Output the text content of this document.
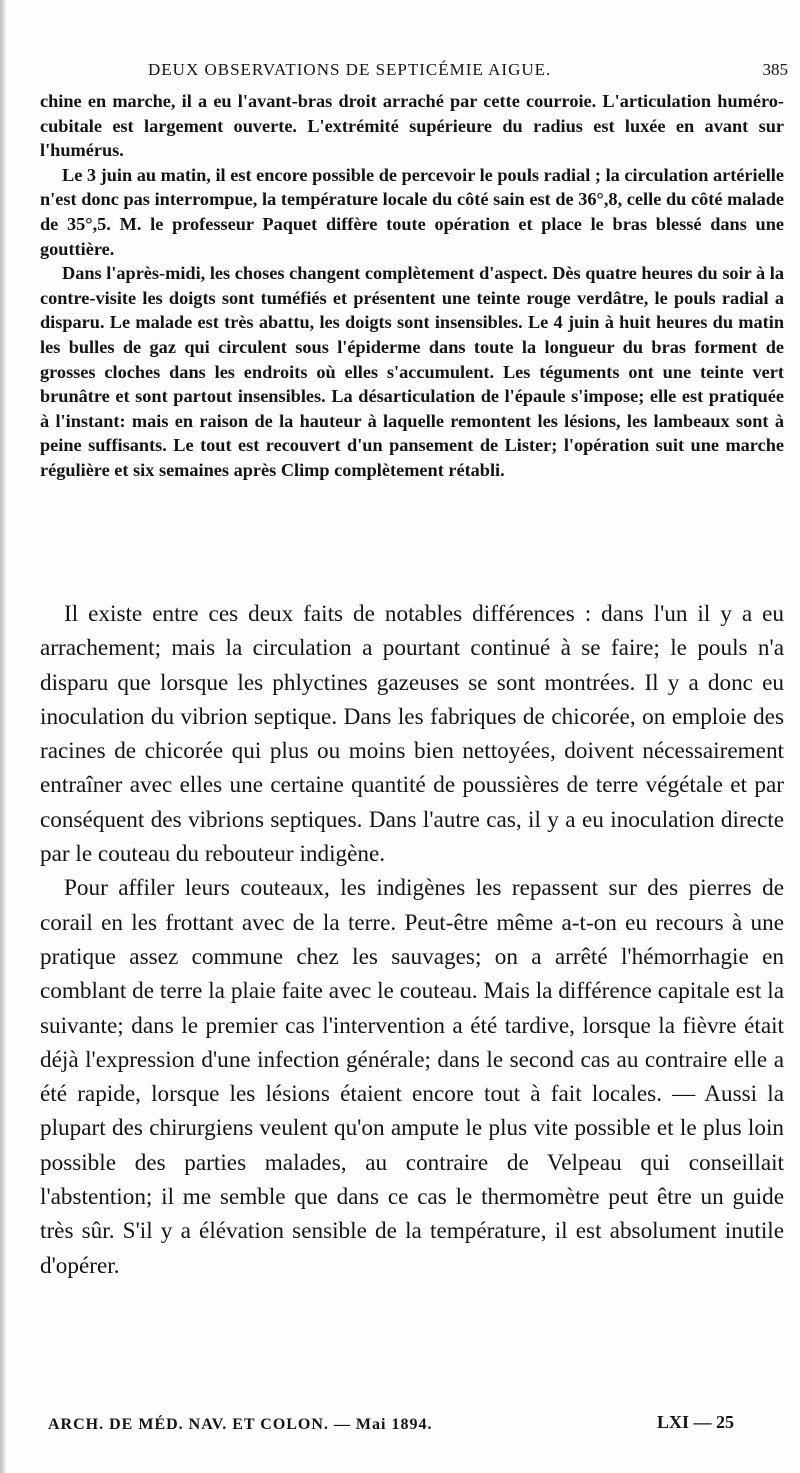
DEUX OBSERVATIONS DE SEPTICÉMIE AIGUE.	385

chine en marche, il a eu l'avant-bras droit arraché par cette courroie. L'articulation huméro-cubitale est largement ouverte. L'extrémité supérieure du radius est luxée en avant sur l'humérus.

Le 3 juin au matin, il est encore possible de percevoir le pouls radial ; la circulation artérielle n'est donc pas interrompue, la température locale du côté sain est de 36°,8, celle du côté malade de 35°,5. M. le professeur Paquet diffère toute opération et place le bras blessé dans une gouttière.

Dans l'après-midi, les choses changent complètement d'aspect. Dès quatre heures du soir à la contre-visite les doigts sont tuméfiés et présentent une teinte rouge verdâtre, le pouls radial a disparu. Le malade est très abattu, les doigts sont insensibles. Le 4 juin à huit heures du matin les bulles de gaz qui circulent sous l'épiderme dans toute la longueur du bras forment de grosses cloches dans les endroits où elles s'accumulent. Les téguments ont une teinte vert brunâtre et sont partout insensibles. La désarticulation de l'épaule s'impose; elle est pratiquée à l'instant: mais en raison de la hauteur à laquelle remontent les lésions, les lambeaux sont à peine suffisants. Le tout est recouvert d'un pansement de Lister; l'opération suit une marche régulière et six semaines après Climp complètement rétabli.

Il existe entre ces deux faits de notables différences : dans l'un il y a eu arrachement; mais la circulation a pourtant continué à se faire; le pouls n'a disparu que lorsque les phlyctines gazeuses se sont montrées. Il y a donc eu inoculation du vibrion septique. Dans les fabriques de chicorée, on emploie des racines de chicorée qui plus ou moins bien nettoyées, doivent nécessairement entraîner avec elles une certaine quantité de poussières de terre végétale et par conséquent des vibrions septiques. Dans l'autre cas, il y a eu inoculation directe par le couteau du rebouteur indigène.

Pour affiler leurs couteaux, les indigènes les repassent sur des pierres de corail en les frottant avec de la terre. Peut-être même a-t-on eu recours à une pratique assez commune chez les sauvages; on a arrêté l'hémorrhagie en comblant de terre la plaie faite avec le couteau. Mais la différence capitale est la suivante; dans le premier cas l'intervention a été tardive, lorsque la fièvre était déjà l'expression d'une infection générale; dans le second cas au contraire elle a été rapide, lorsque les lésions étaient encore tout à fait locales. — Aussi la plupart des chirurgiens veulent qu'on ampute le plus vite possible et le plus loin possible des parties malades, au contraire de Velpeau qui conseillait l'abstention; il me semble que dans ce cas le thermomètre peut être un guide très sûr. S'il y a élévation sensible de la température, il est absolument inutile d'opérer.

ARCH. DE MÉD. NAV. ET COLON. — Mai 1894.	LXI — 25
